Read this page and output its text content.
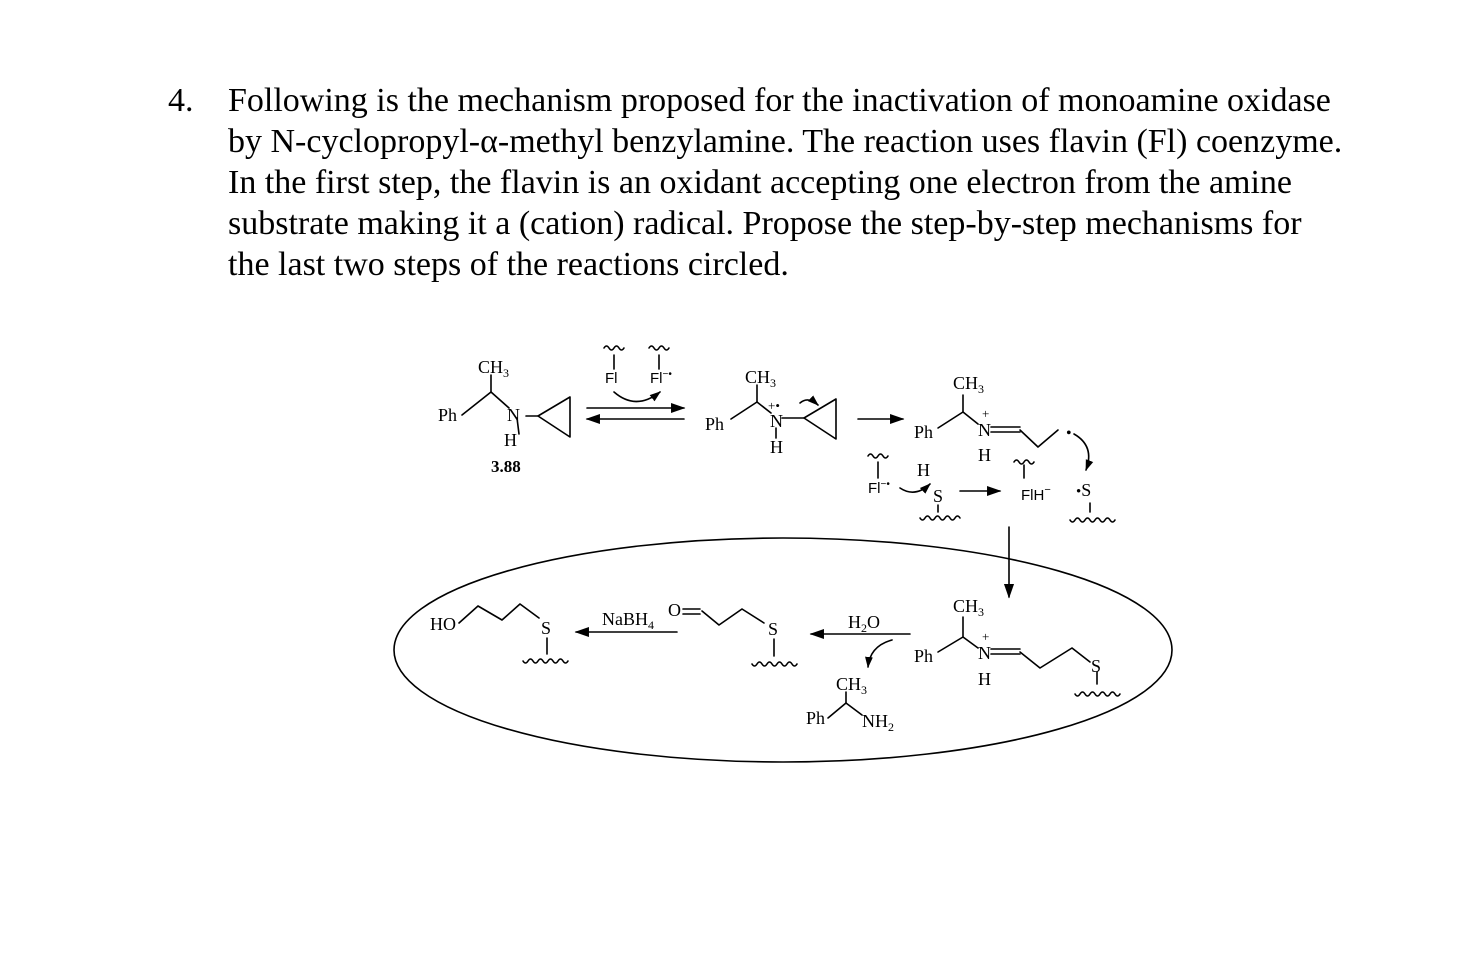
4. Following is the mechanism proposed for the inactivation of monoamine oxidase
by N-cyclopropyl-α-methyl benzylamine. The reaction uses flavin (Fl) coenzyme.
In the first step, the flavin is an oxidant accepting one electron from the amine
substrate making it a (cation) radical. Propose the step-by-step mechanisms for
the last two steps of the reactions circled.
Ph
$CH_3$
N
H
3.88
Fl Fl−•
Ph
$CH_3$
+•
N
H
Ph
$CH_3$
+
N
H
•
Fl−•
H
S	FlH− •S
Ph
$CH_3$
+
N
H
S
$H_2O$
$CH_3$
Ph $NH_2$
O
S
NaBH$_4$
HO	S
